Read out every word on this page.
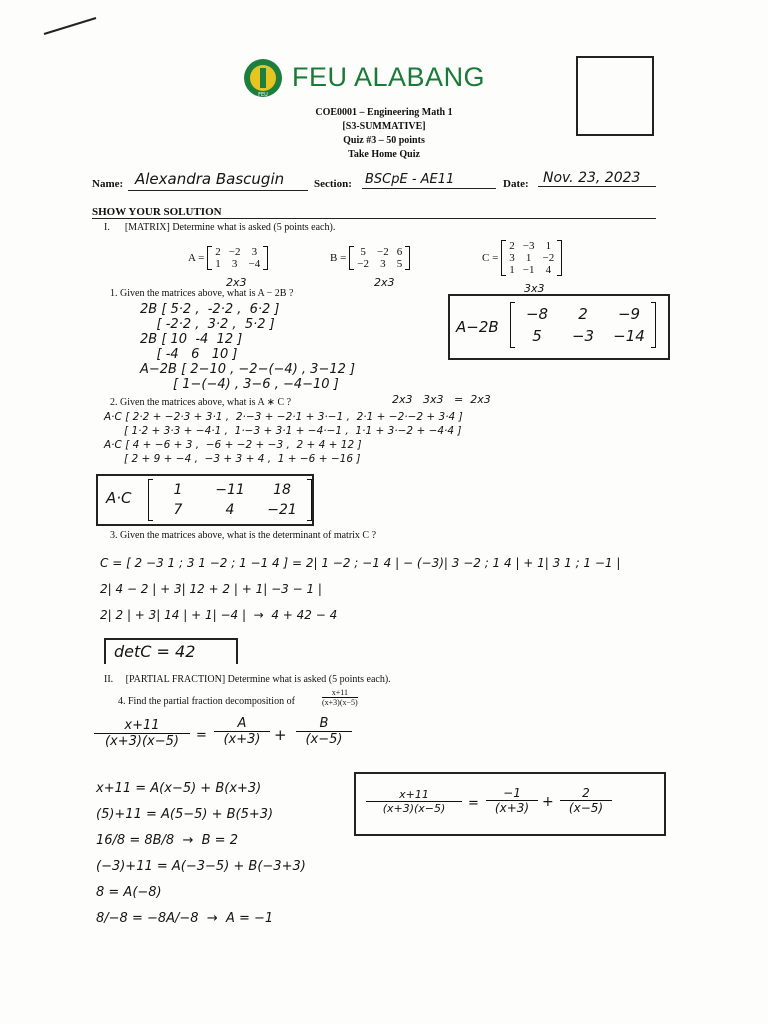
FEU
FEU ALABANG
COE0001 – Engineering Math 1
[S3-SUMMATIVE]
Quiz #3 – 50 points
Take Home Quiz
Name: Alexandra Bascugin	Section: BSCpE - AE11	Date: Nov. 23, 2023
SHOW YOUR SOLUTION
I.      [MATRIX] Determine what is asked (5 points each).
A = 2 −2 3
1 3 −4
2x3
B = 5 −2 6
−2 3 5
2x3
C =
2 −3 1
3 1 −2
1 −1 4
3x3
1. Given the matrices above, what is A − 2B ?
2B [ 5·2 ,  -2·2 ,  6·2 ]
[ -2·2 ,  3·2 ,  5·2 ]
2B [ 10  -4  12 ]
[ -4   6   10 ]
A−2B [ 2−10 , −2−(−4) , 3−12 ]
[ 1−(−4) , 3−6 , −4−10 ]
A−2B
−8	2	−9
5	−3	−14
2. Given the matrices above, what is A ∗ C ?	2x3   3x3   =  2x3
A·C [ 2·2 + −2·3 + 3·1 ,  2·−3 + −2·1 + 3·−1 ,  2·1 + −2·−2 + 3·4 ]
[ 1·2 + 3·3 + −4·1 ,  1·−3 + 3·1 + −4·−1 ,  1·1 + 3·−2 + −4·4 ]
A·C [ 4 + −6 + 3 ,  −6 + −2 + −3 ,  2 + 4 + 12 ]
[ 2 + 9 + −4 ,  −3 + 3 + 4 ,  1 + −6 + −16 ]
A·C	1	−11	18
7	4	−21
3. Given the matrices above, what is the determinant of matrix C ?
C = [ 2 −3 1 ; 3 1 −2 ; 1 −1 4 ] = 2| 1 −2 ; −1 4 | − (−3)| 3 −2 ; 1 4 | + 1| 3 1 ; 1 −1 |
2| 4 − 2 | + 3| 12 + 2 | + 1| −3 − 1 |
2| 2 | + 3| 14 | + 1| −4 |  →  4 + 42 − 4
detC = 42
II.     [PARTIAL FRACTION] Determine what is asked (5 points each).
4. Find the partial fraction decomposition of	$\frac{x+11}{(x+3)(x-5)}$
$\frac{x+11}{(x+3)(x-5)} = \frac{A}{(x+3)} + \frac{B}{(x-5)}$
x+11 = A(x−5) + B(x+3)
(5)+11 = A(5−5) + B(5+3)
16/8 = 8B/8  →  B = 2
(−3)+11 = A(−3−5) + B(−3+3)
8 = A(−8)
8/−8 = −8A/−8  →  A = −1
$\frac{x+11}{(x+3)(x-5)} = \frac{-1}{(x+3)} + \frac{2}{(x-5)}$
